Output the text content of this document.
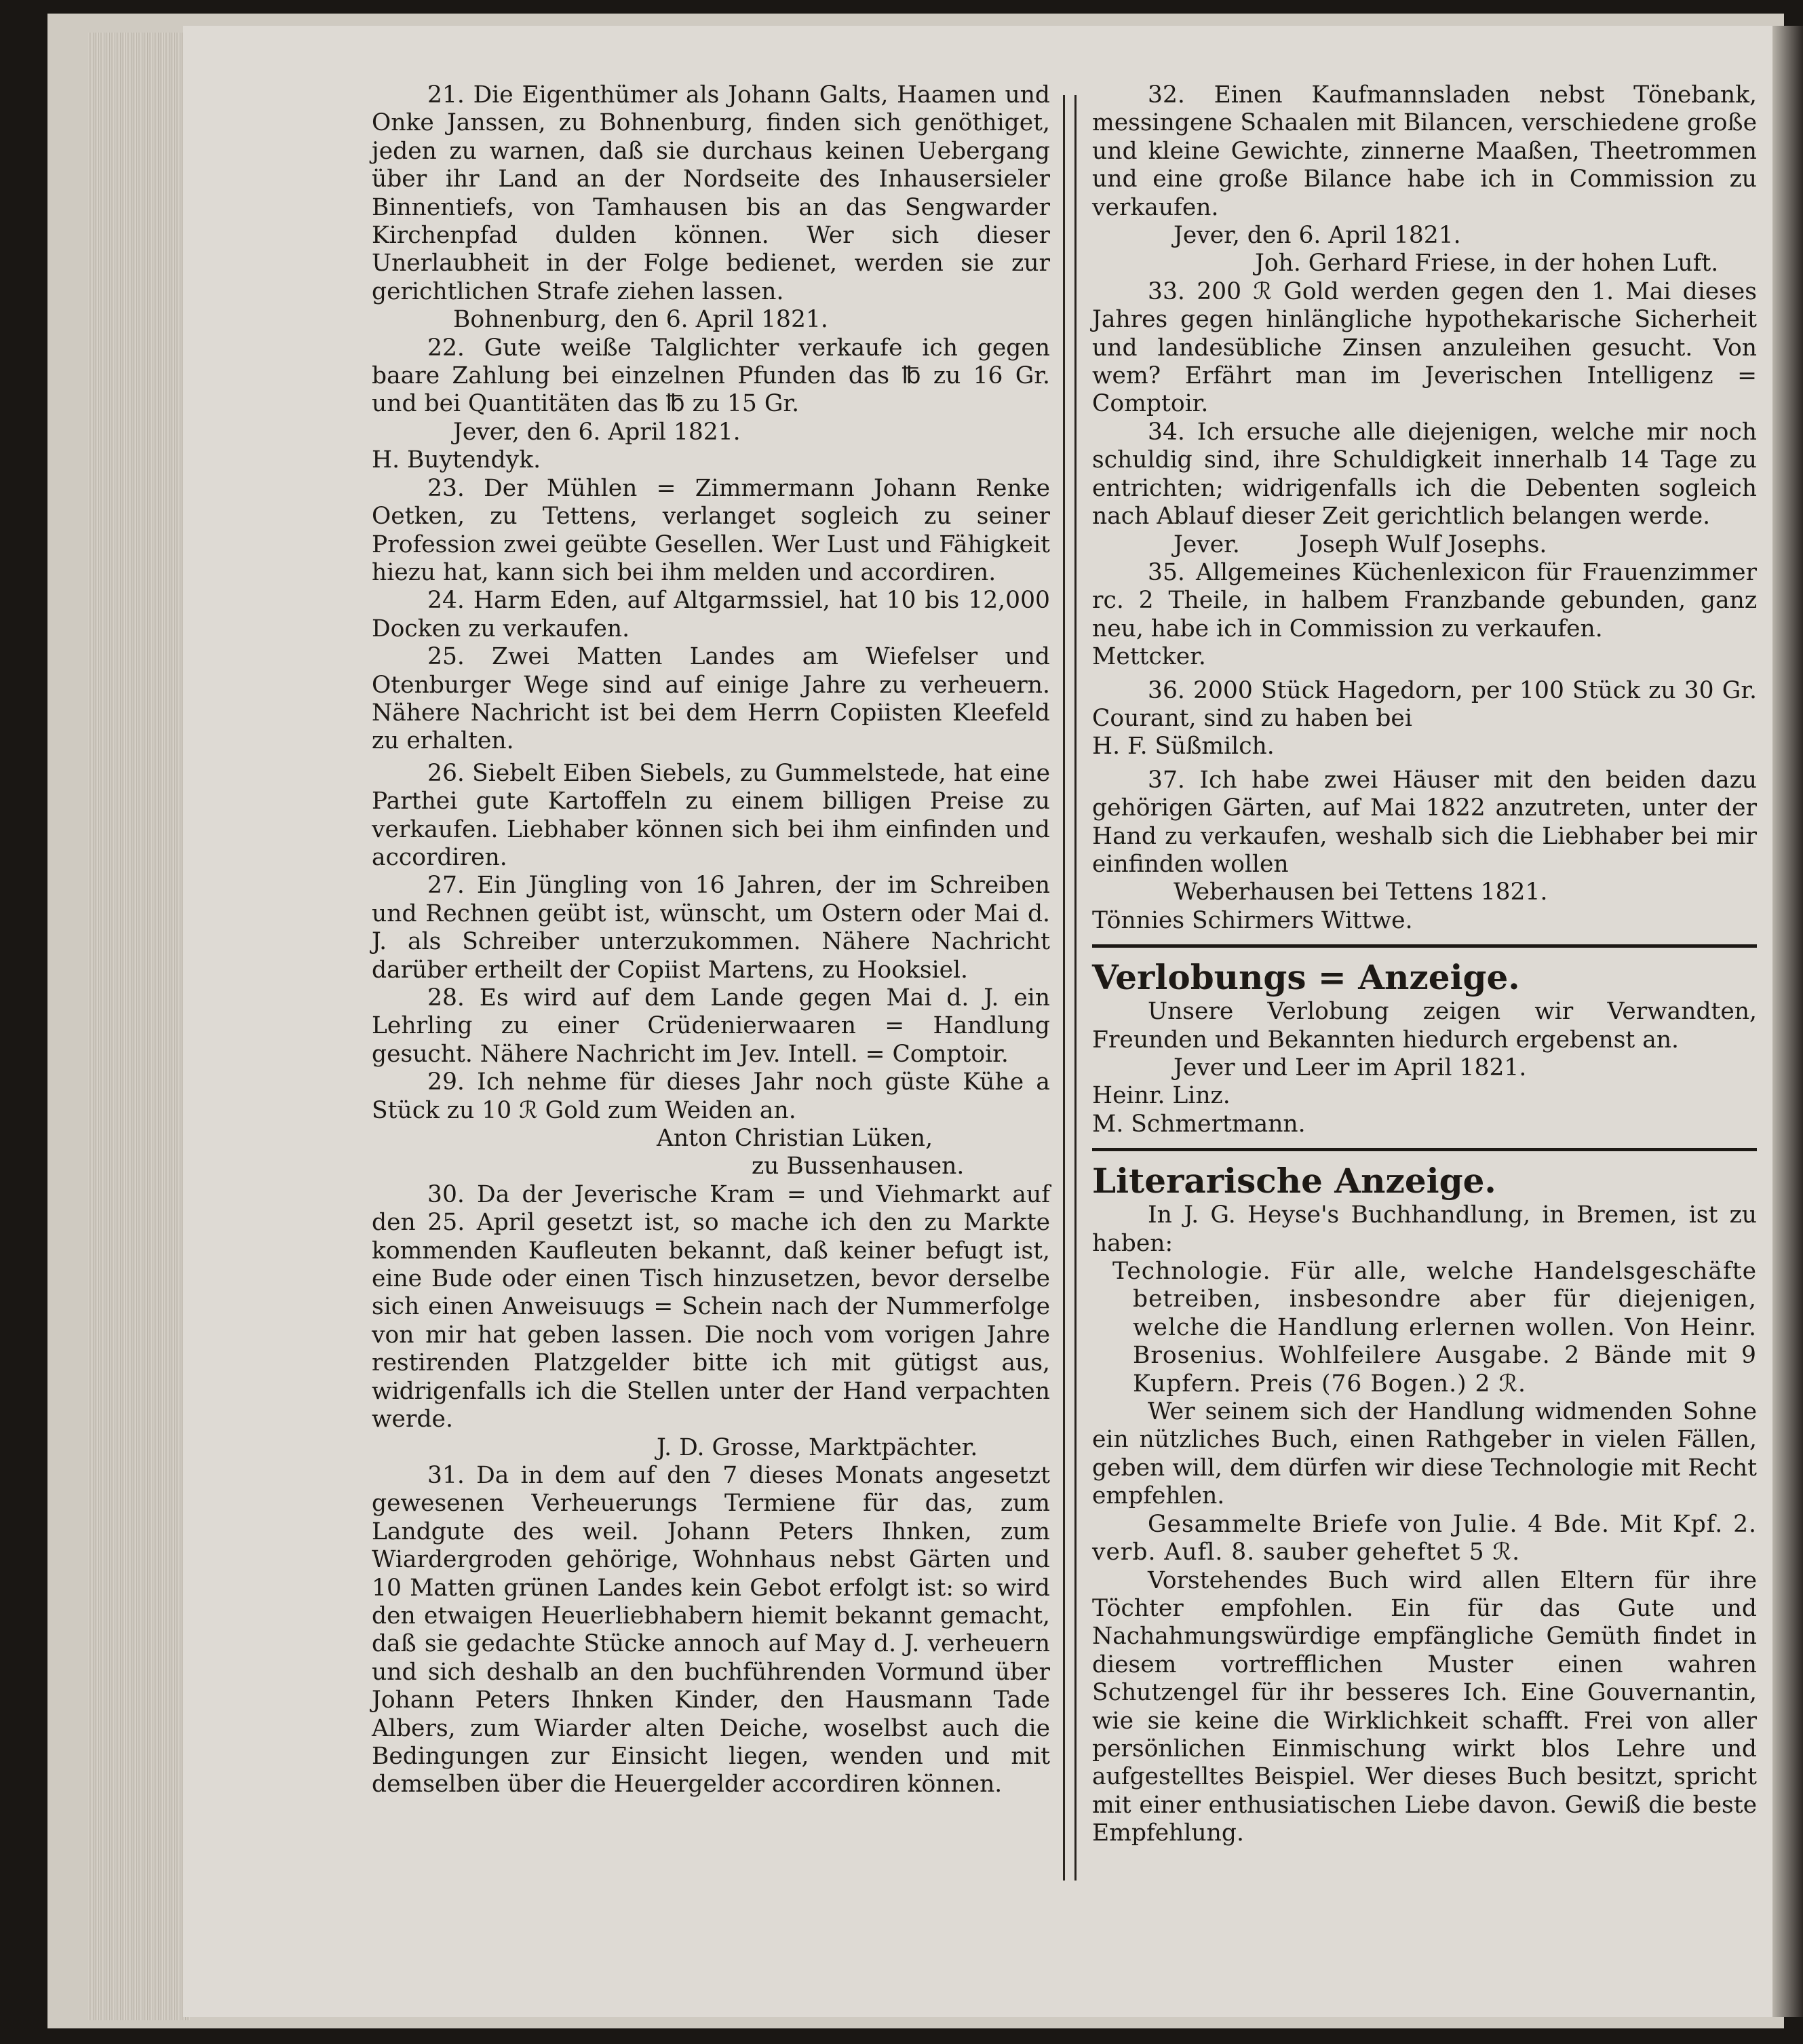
21. Die Eigenthümer als Johann Galts, Haamen und Onke Janssen, zu Bohnenburg, finden sich genöthiget, jeden zu warnen, daß sie durchaus keinen Uebergang über ihr Land an der Nordseite des Inhausersieler Binnentiefs, von Tamhausen bis an das Sengwarder Kirchenpfad dulden können. Wer sich dieser Unerlaubheit in der Folge bedienet, werden sie zur gerichtlichen Strafe ziehen lassen.

Bohnenburg, den 6. April 1821.

22. Gute weiße Talglichter verkaufe ich gegen baare Zahlung bei einzelnen Pfunden das ℔ zu 16 Gr. und bei Quantitäten das ℔ zu 15 Gr.

Jever, den 6. April 1821.

H. Buytendyk.

23. Der Mühlen = Zimmermann Johann Renke Oetken, zu Tettens, verlanget sogleich zu seiner Profession zwei geübte Gesellen. Wer Lust und Fähigkeit hiezu hat, kann sich bei ihm melden und accordiren.

24. Harm Eden, auf Altgarmssiel, hat 10 bis 12,000 Docken zu verkaufen.

25. Zwei Matten Landes am Wiefelser und Otenburger Wege sind auf einige Jahre zu verheuern. Nähere Nachricht ist bei dem Herrn Copiisten Kleefeld zu erhalten.

26. Siebelt Eiben Siebels, zu Gummelstede, hat eine Parthei gute Kartoffeln zu einem billigen Preise zu verkaufen. Liebhaber können sich bei ihm einfinden und accordiren.

27. Ein Jüngling von 16 Jahren, der im Schreiben und Rechnen geübt ist, wünscht, um Ostern oder Mai d. J. als Schreiber unterzukommen. Nähere Nachricht darüber ertheilt der Copiist Martens, zu Hooksiel.

28. Es wird auf dem Lande gegen Mai d. J. ein Lehrling zu einer Crüdenierwaaren = Handlung gesucht. Nähere Nachricht im Jev. Intell. = Comptoir.

29. Ich nehme für dieses Jahr noch güste Kühe a Stück zu 10 ℛ Gold zum Weiden an.

Anton Christian Lüken,

zu Bussenhausen.

30. Da der Jeverische Kram = und Viehmarkt auf den 25. April gesetzt ist, so mache ich den zu Markte kommenden Kaufleuten bekannt, daß keiner befugt ist, eine Bude oder einen Tisch hinzusetzen, bevor derselbe sich einen Anweisuugs = Schein nach der Nummerfolge von mir hat geben lassen. Die noch vom vorigen Jahre restirenden Platzgelder bitte ich mit gütigst aus, widrigenfalls ich die Stellen unter der Hand verpachten werde.

J. D. Grosse, Marktpächter.

31. Da in dem auf den 7 dieses Monats angesetzt gewesenen Verheuerungs Termiene für das, zum Landgute des weil. Johann Peters Ihnken, zum Wiardergroden gehörige, Wohnhaus nebst Gärten und 10 Matten grünen Landes kein Gebot erfolgt ist: so wird den etwaigen Heuerliebhabern hiemit bekannt gemacht, daß sie gedachte Stücke annoch auf May d. J. verheuern und sich deshalb an den buchführenden Vormund über Johann Peters Ihnken Kinder, den Hausmann Tade Albers, zum Wiarder alten Deiche, woselbst auch die Bedingungen zur Einsicht liegen, wenden und mit demselben über die Heuergelder accordiren können.

32. Einen Kaufmannsladen nebst Tönebank, messingene Schaalen mit Bilancen, verschiedene große und kleine Gewichte, zinnerne Maaßen, Theetrommen und eine große Bilance habe ich in Commission zu verkaufen.

Jever, den 6. April 1821.

Joh. Gerhard Friese, in der hohen Luft.

33. 200 ℛ Gold werden gegen den 1. Mai dieses Jahres gegen hinlängliche hypothekarische Sicherheit und landesübliche Zinsen anzuleihen gesucht. Von wem? Erfährt man im Jeverischen Intelligenz = Comptoir.

34. Ich ersuche alle diejenigen, welche mir noch schuldig sind, ihre Schuldigkeit innerhalb 14 Tage zu entrichten; widrigenfalls ich die Debenten sogleich nach Ablauf dieser Zeit gerichtlich belangen werde.

Jever.        Joseph Wulf Josephs.

35. Allgemeines Küchenlexicon für Frauenzimmer rc. 2 Theile, in halbem Franzbande gebunden, ganz neu, habe ich in Commission zu verkaufen.

Mettcker.

36. 2000 Stück Hagedorn, per 100 Stück zu 30 Gr. Courant, sind zu haben bei

H. F. Süßmilch.

37. Ich habe zwei Häuser mit den beiden dazu gehörigen Gärten, auf Mai 1822 anzutreten, unter der Hand zu verkaufen, weshalb sich die Liebhaber bei mir einfinden wollen

Weberhausen bei Tettens 1821.

Tönnies Schirmers Wittwe.

Verlobungs = Anzeige.

Unsere Verlobung zeigen wir Verwandten, Freunden und Bekannten hiedurch ergebenst an.

Jever und Leer im April 1821.

Heinr. Linz.

M. Schmertmann.

Literarische Anzeige.

In J. G. Heyse's Buchhandlung, in Bremen, ist zu haben:

Technologie. Für alle, welche Handelsgeschäfte betreiben, insbesondre aber für diejenigen, welche die Handlung erlernen wollen. Von Heinr. Brosenius. Wohlfeilere Ausgabe. 2 Bände mit 9 Kupfern. Preis (76 Bogen.) 2 ℛ.

Wer seinem sich der Handlung widmenden Sohne ein nützliches Buch, einen Rathgeber in vielen Fällen, geben will, dem dürfen wir diese Technologie mit Recht empfehlen.

Gesammelte Briefe von Julie. 4 Bde. Mit Kpf. 2. verb. Aufl. 8. sauber geheftet 5 ℛ.

Vorstehendes Buch wird allen Eltern für ihre Töchter empfohlen. Ein für das Gute und Nachahmungswürdige empfängliche Gemüth findet in diesem vortrefflichen Muster einen wahren Schutzengel für ihr besseres Ich. Eine Gouvernantin, wie sie keine die Wirklichkeit schafft. Frei von aller persönlichen Einmischung wirkt blos Lehre und aufgestelltes Beispiel. Wer dieses Buch besitzt, spricht mit einer enthusiatischen Liebe davon. Gewiß die beste Empfehlung.
